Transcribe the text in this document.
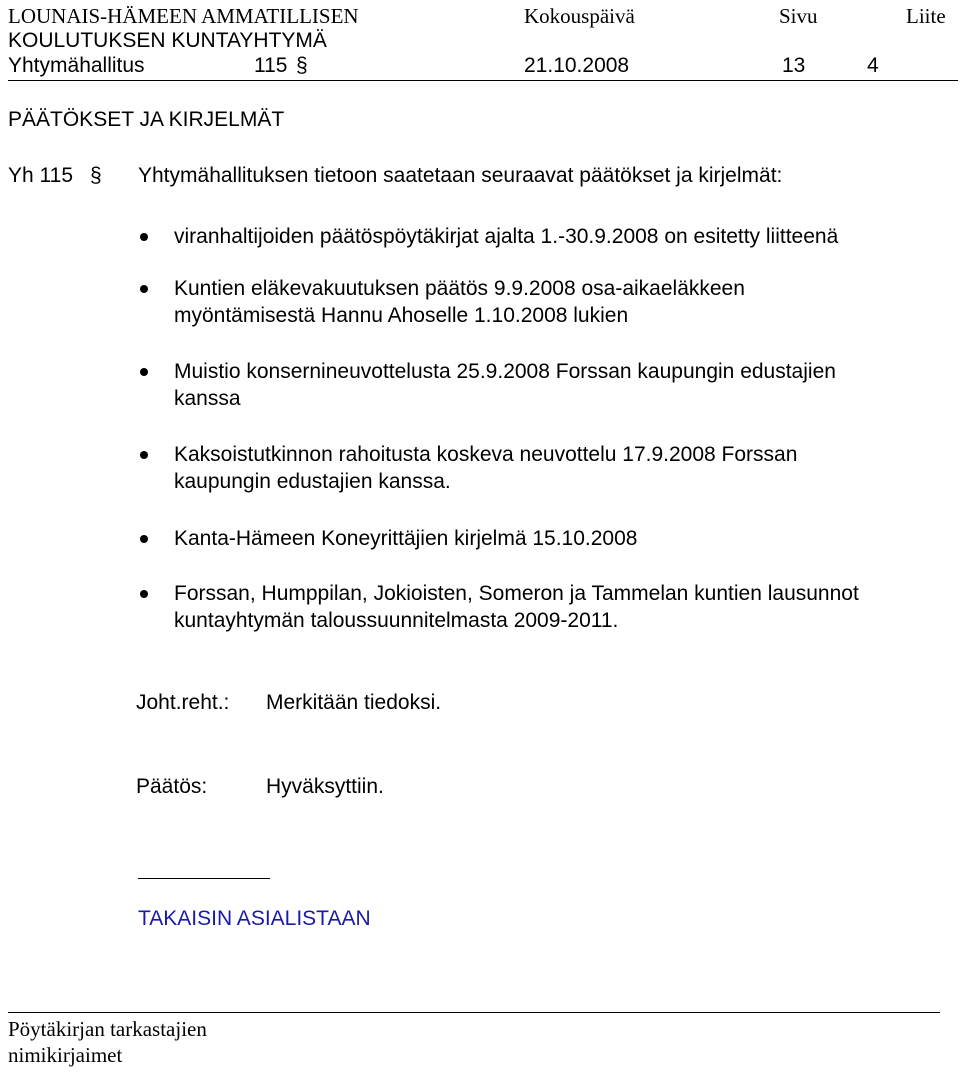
LOUNAIS-HÄMEEN AMMATILLISEN
KOULUTUKSEN KUNTAYHTYMÄ
Kokouspäivä	Sivu	Liite
Yhtymähallitus	115 §	21.10.2008	13	4
PÄÄTÖKSET JA KIRJELMÄT
Yh 115 § Yhtymähallituksen tietoon saatetaan seuraavat päätökset ja kirjelmät:
viranhaltijoiden päätöspöytäkirjat ajalta 1.-30.9.2008 on esitetty liitteenä
Kuntien eläkevakuutuksen päätös 9.9.2008 osa-aikaeläkkeen
myöntämisestä Hannu Ahoselle 1.10.2008 lukien
Muistio konsernineuvottelusta 25.9.2008 Forssan kaupungin edustajien
kanssa
Kaksoistutkinnon rahoitusta koskeva neuvottelu 17.9.2008 Forssan
kaupungin edustajien kanssa.
Kanta-Hämeen Koneyrittäjien kirjelmä 15.10.2008
Forssan, Humppilan, Jokioisten, Someron ja Tammelan kuntien lausunnot
kuntayhtymän taloussuunnitelmasta 2009-2011.
Joht.reht.: Merkitään tiedoksi.
Päätös:	Hyväksyttiin.
TAKAISIN ASIALISTAAN
Pöytäkirjan tarkastajien
nimikirjaimet
